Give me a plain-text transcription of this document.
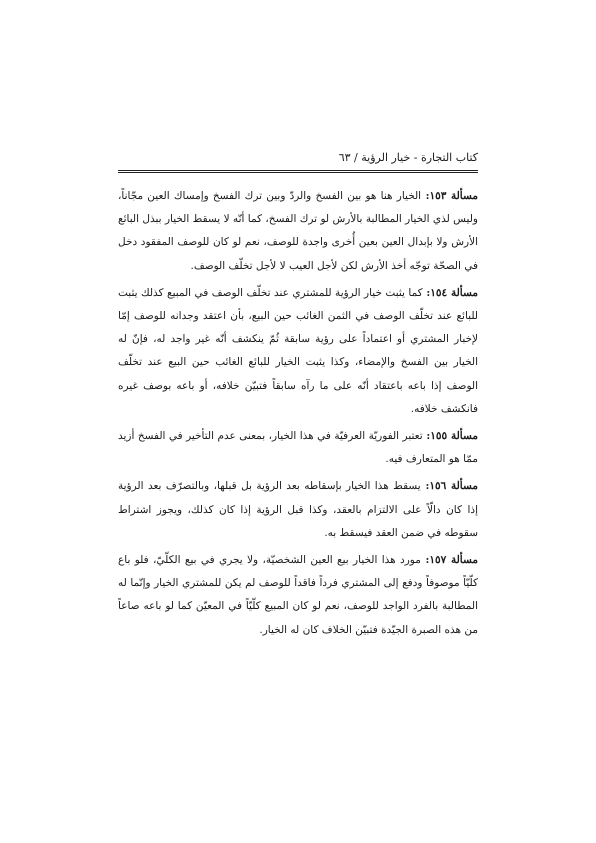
كتاب التجارة - خيار الرؤية / ٦٣

مسألة ١٥٣: الخيار هنا هو بين الفسخ والردّ وبين ترك الفسخ وإمساك العين مجّاناً، وليس لذي الخيار المطالبة بالأرش لو ترك الفسخ، كما أنّه لا يسقط الخيار ببذل البائع الأرش ولا بإبدال العين بعين أُخرى واجدة للوصف، نعم لو كان للوصف المفقود دخل في الصحّة توجّه أخذ الأرش لكن لأجل العيب لا لأجل تخلّف الوصف.

مسألة ١٥٤: كما يثبت خيار الرؤية للمشتري عند تخلّف الوصف في المبيع كذلك يثبت للبائع عند تخلّف الوصف في الثمن الغائب حين البيع، بأن اعتقد وجدانه للوصف إمّا لإخبار المشتري أو اعتماداً على رؤية سابقة ثُمّ ينكشف أنّه غير واجد له، فإنّ له الخيار بين الفسخ والإمضاء، وكذا يثبت الخيار للبائع الغائب حين البيع عند تخلّف الوصف إذا باعه باعتقاد أنّه على ما رآه سابقاً فتبيّن خلافه، أو باعه بوصف غيره فانكشف خلافه.

مسألة ١٥٥: تعتبر الفوريّة العرفيّة في هذا الخيار، بمعنى عدم التأخير في الفسخ أزيد ممّا هو المتعارف فيه.

مسألة ١٥٦: يسقط هذا الخيار بإسقاطه بعد الرؤية بل قبلها، وبالتصرّف بعد الرؤية إذا كان دالّاً على الالتزام بالعقد، وكذا قبل الرؤية إذا كان كذلك، ويجوز اشتراط سقوطه في ضمن العقد فيسقط به.

مسألة ١٥٧: مورد هذا الخيار بيع العين الشخصيّة، ولا يجري في بيع الكلّيّ، فلو باع كلّيّاً موصوفاً ودفع إلى المشتري فرداً فاقداً للوصف لم يكن للمشتري الخيار وإنّما له المطالبة بالفرد الواجد للوصف، نعم لو كان المبيع كلّيّاً في المعيّن كما لو باعه صاعاً من هذه الصبرة الجيّدة فتبيّن الخلاف كان له الخيار.
